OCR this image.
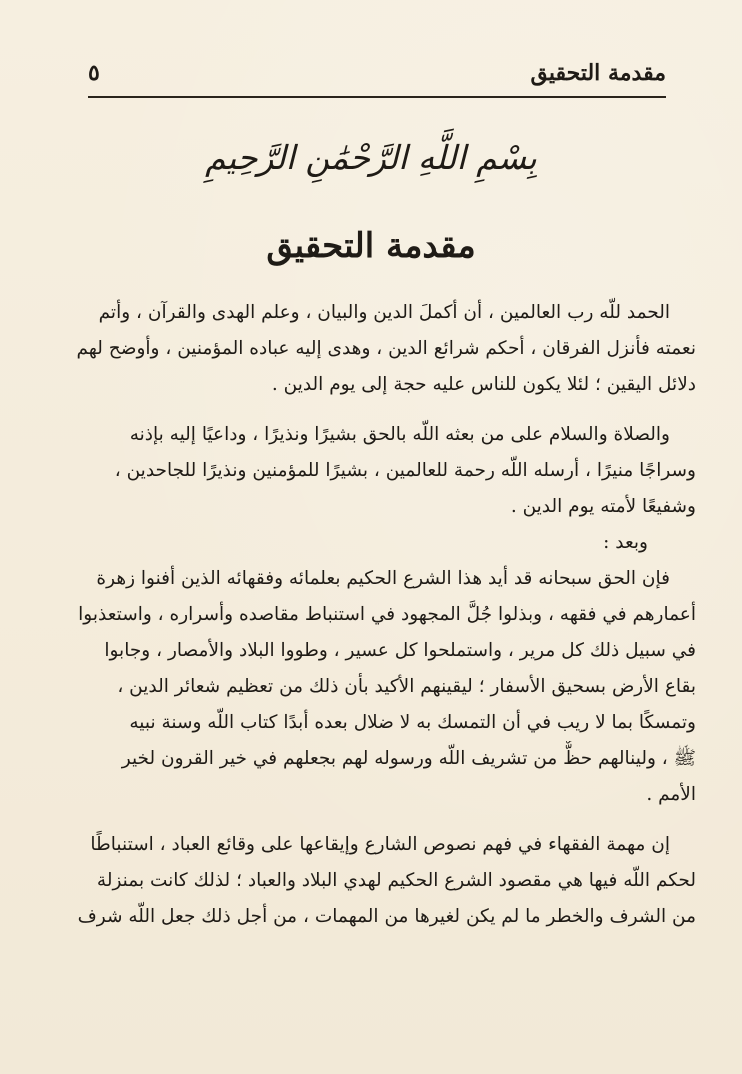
مقدمة التحقيق
٥
بِسْمِ اللَّهِ الرَّحْمَٰنِ الرَّحِيمِ
مقدمة التحقيق
الحمد للّه رب العالمين ، أن أكملَ الدين والبيان ، وعلم الهدى والقرآن ، وأتم
نعمته فأنزل الفرقان ، أحكم شرائع الدين ، وهدى إليه عباده المؤمنين ، وأوضح لهم
دلائل اليقين ؛ لئلا يكون للناس عليه حجة إلى يوم الدين .
والصلاة والسلام على من بعثه اللّه بالحق بشيرًا ونذيرًا ، وداعيًا إليه بإذنه
وسراجًا منيرًا ، أرسله اللّه رحمة للعالمين ، بشيرًا للمؤمنين ونذيرًا للجاحدين ،
وشفيعًا لأمته يوم الدين .
وبعد :
فإن الحق سبحانه قد أيد هذا الشرع الحكيم بعلمائه وفقهائه الذين أفنوا زهرة
أعمارهم في فقهه ، وبذلوا جُلَّ المجهود في استنباط مقاصده وأسراره ، واستعذبوا
في سبيل ذلك كل مرير ، واستملحوا كل عسير ، وطووا البلاد والأمصار ، وجابوا
بقاع الأرض بسحيق الأسفار ؛ ليقينهم الأكيد بأن ذلك من تعظيم شعائر الدين ،
وتمسكًا بما لا ريب في أن التمسك به لا ضلال بعده أبدًا كتاب اللّه وسنة نبيه
ﷺ ، ولينالهم حظٌّ من تشريف اللّه ورسوله لهم بجعلهم في خير القرون لخير
الأمم .
إن مهمة الفقهاء في فهم نصوص الشارع وإيقاعها على وقائع العباد ، استنباطًا
لحكم اللّه فيها هي مقصود الشرع الحكيم لهدي البلاد والعباد ؛ لذلك كانت بمنزلة
من الشرف والخطر ما لم يكن لغيرها من المهمات ، من أجل ذلك جعل اللّه شرف
